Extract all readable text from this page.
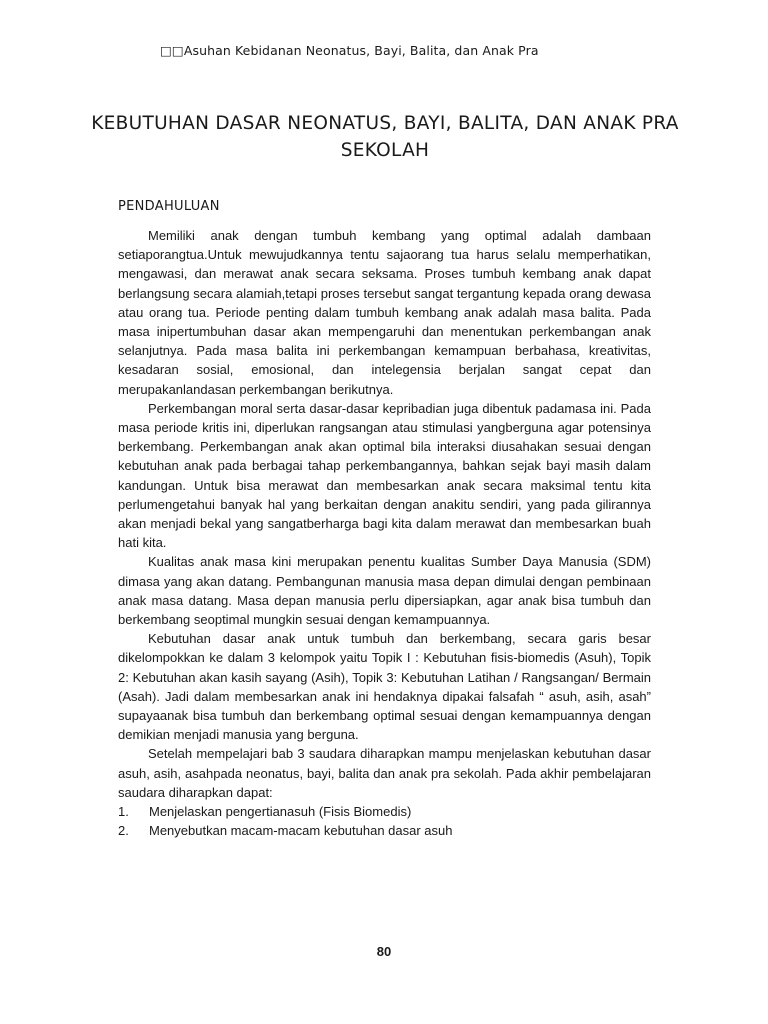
□□Asuhan Kebidanan Neonatus, Bayi, Balita, dan Anak Pra
KEBUTUHAN DASAR NEONATUS, BAYI, BALITA, DAN ANAK PRA SEKOLAH
PENDAHULUAN

Memiliki anak dengan tumbuh kembang yang optimal adalah dambaan setiaporangtua.Untuk mewujudkannya tentu sajaorang tua harus selalu memperhatikan, mengawasi, dan merawat anak secara seksama. Proses tumbuh kembang anak dapat berlangsung secara alamiah,tetapi proses tersebut sangat tergantung kepada orang dewasa atau orang tua. Periode penting dalam tumbuh kembang anak adalah masa balita. Pada masa inipertumbuhan dasar akan mempengaruhi dan menentukan perkembangan anak selanjutnya. Pada masa balita ini perkembangan kemampuan berbahasa, kreativitas, kesadaran sosial, emosional, dan intelegensia berjalan sangat cepat dan merupakanlandasan perkembangan berikutnya.

Perkembangan moral serta dasar-dasar kepribadian juga dibentuk padamasa ini. Pada masa periode kritis ini, diperlukan rangsangan atau stimulasi yangberguna agar potensinya berkembang. Perkembangan anak akan optimal bila interaksi diusahakan sesuai dengan kebutuhan anak pada berbagai tahap perkembangannya, bahkan sejak bayi masih dalam kandungan. Untuk bisa merawat dan membesarkan anak secara maksimal tentu kita perlumengetahui banyak hal yang berkaitan dengan anakitu sendiri, yang pada gilirannya akan menjadi bekal yang sangatberharga bagi kita dalam merawat dan membesarkan buah hati kita.

Kualitas anak masa kini merupakan penentu kualitas Sumber Daya Manusia (SDM) dimasa yang akan datang. Pembangunan manusia masa depan dimulai dengan pembinaan anak masa datang. Masa depan manusia perlu dipersiapkan, agar anak bisa tumbuh dan berkembang seoptimal mungkin sesuai dengan kemampuannya.

Kebutuhan dasar anak untuk tumbuh dan berkembang, secara garis besar dikelompokkan ke dalam 3 kelompok yaitu Topik I : Kebutuhan fisis-biomedis (Asuh), Topik 2: Kebutuhan akan kasih sayang (Asih), Topik 3: Kebutuhan Latihan / Rangsangan/ Bermain (Asah). Jadi dalam membesarkan anak ini hendaknya dipakai falsafah “ asuh, asih, asah” supayaanak bisa tumbuh dan berkembang optimal sesuai dengan kemampuannya dengan demikian menjadi manusia yang berguna.

Setelah mempelajari bab 3 saudara diharapkan mampu menjelaskan kebutuhan dasar asuh, asih, asahpada neonatus, bayi, balita dan anak pra sekolah. Pada akhir pembelajaran saudara diharapkan dapat:

1.	Menjelaskan pengertianasuh (Fisis Biomedis)
2.	Menyebutkan macam-macam kebutuhan dasar asuh
80
